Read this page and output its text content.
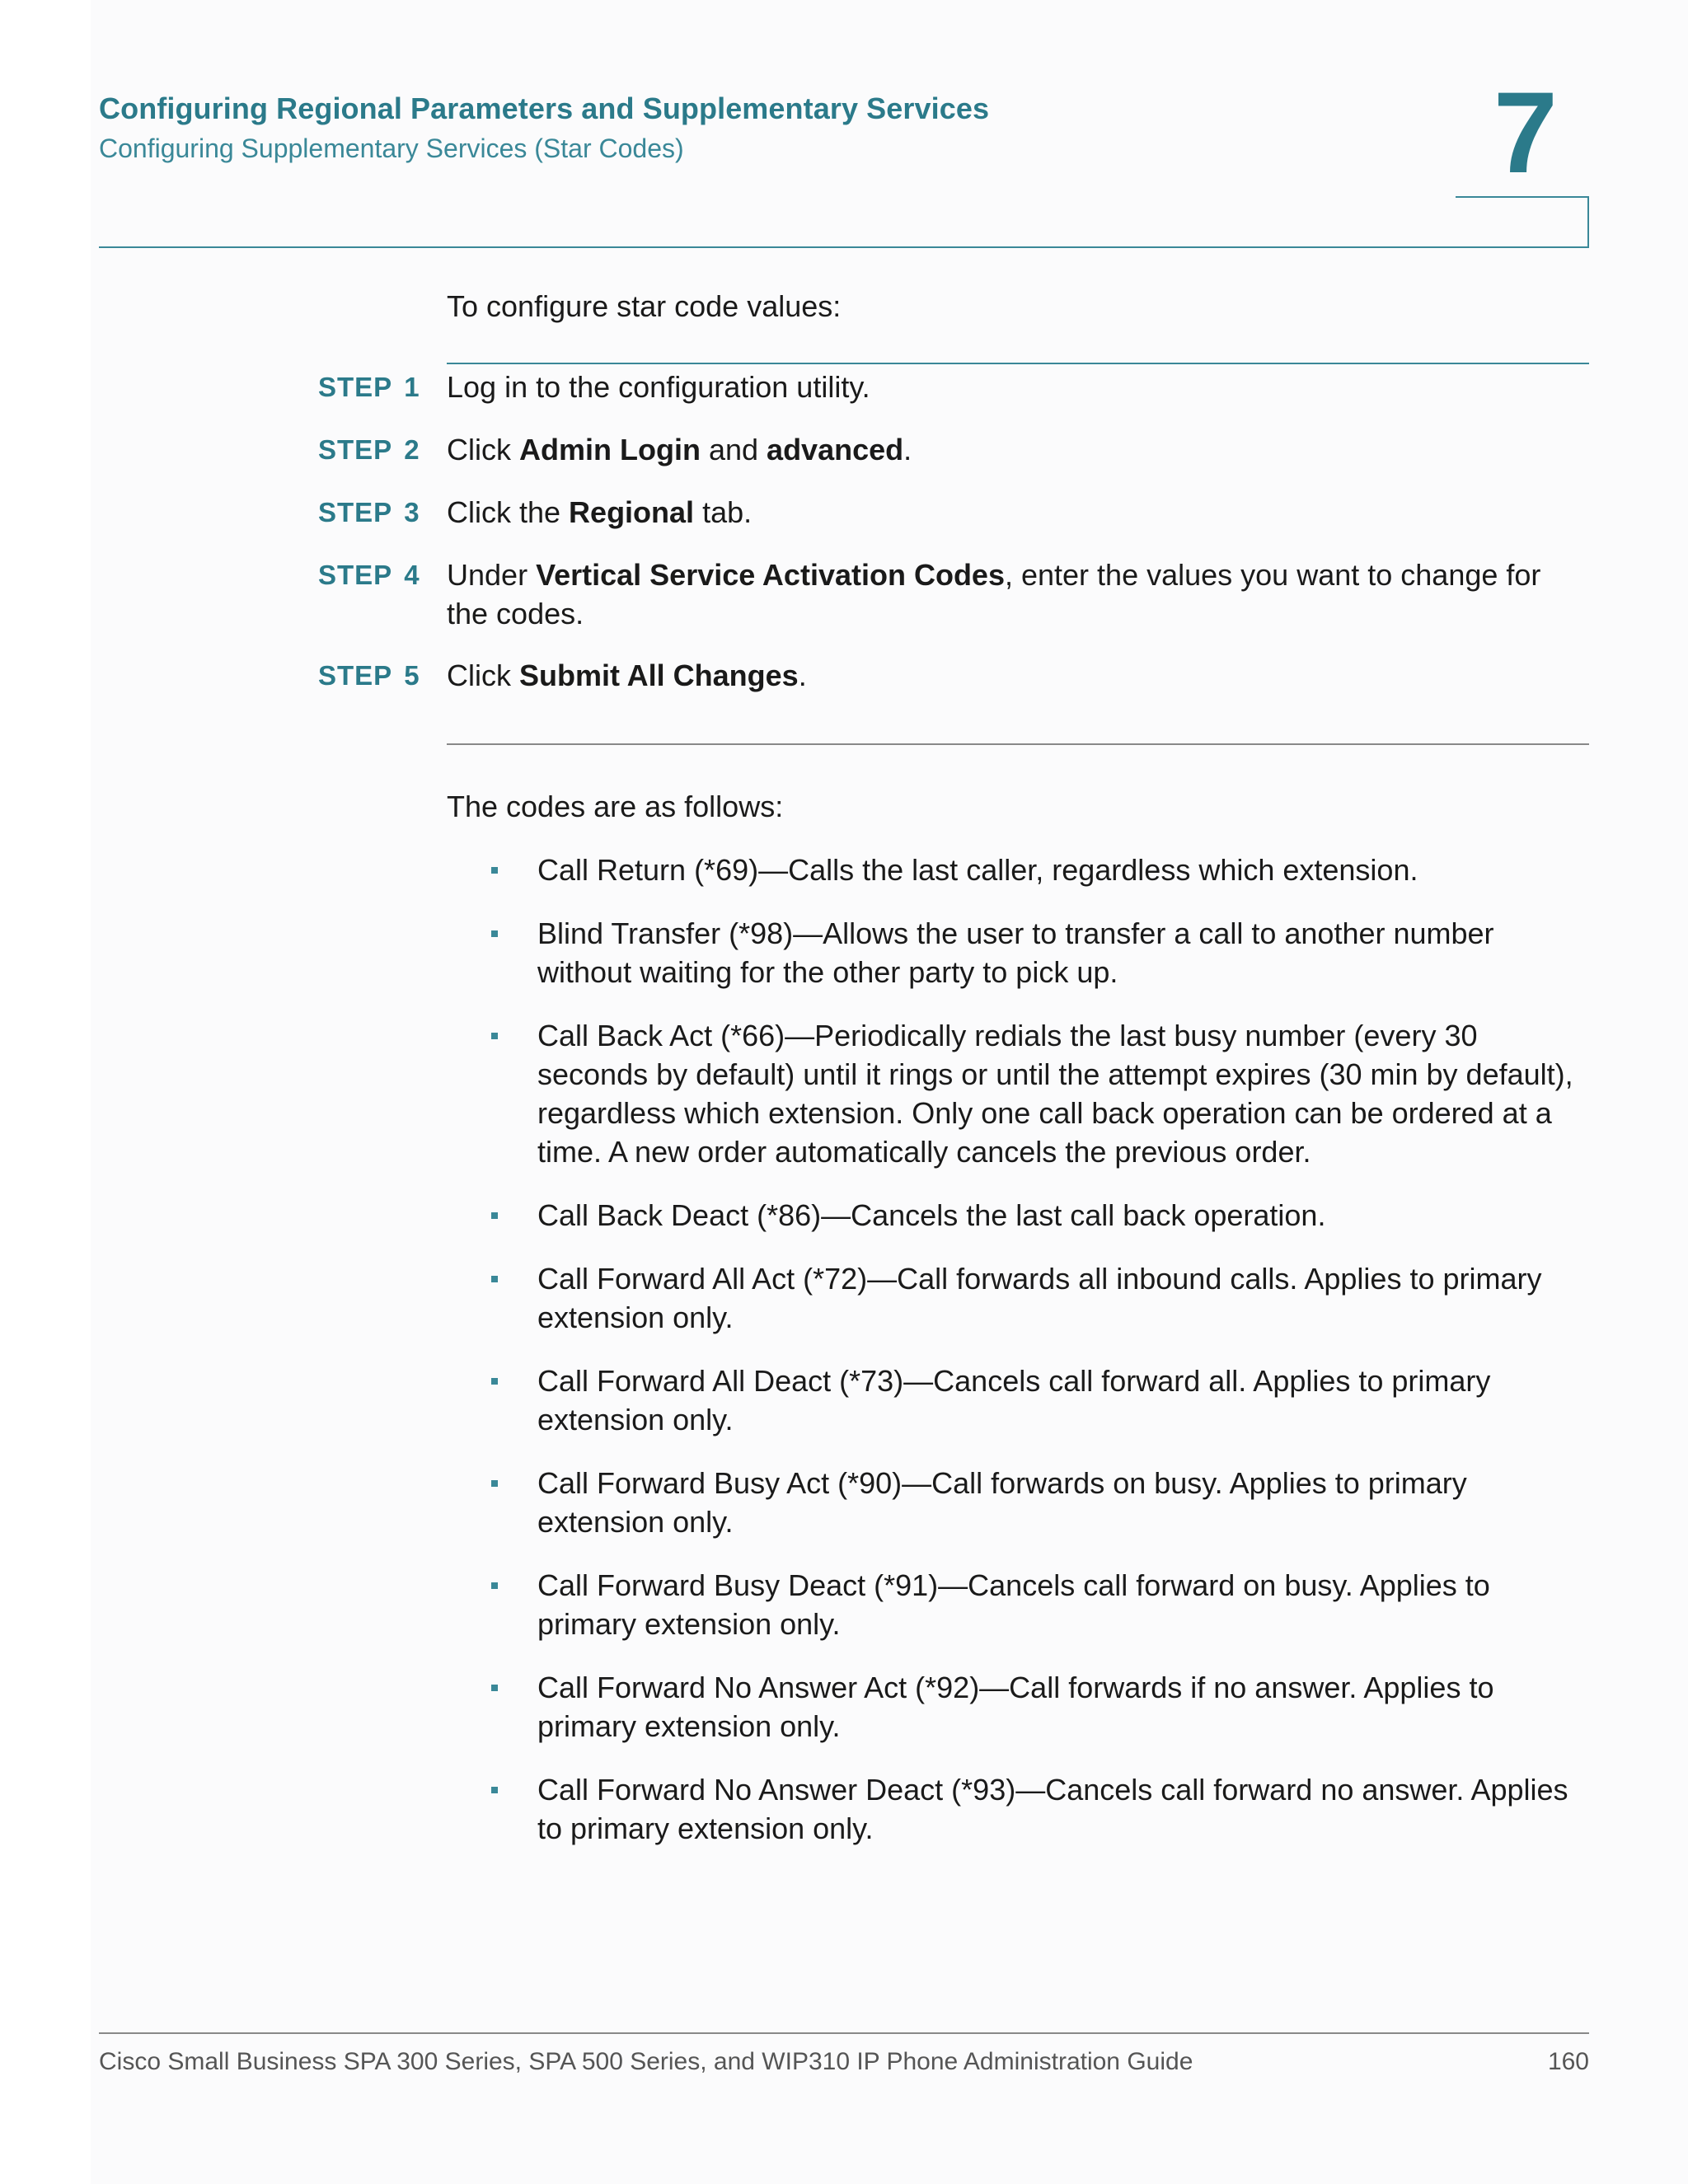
Configuring Regional Parameters and Supplementary Services
Configuring Supplementary Services (Star Codes)	7
To configure star code values:
STEP 1 Log in to the configuration utility.
STEP 2 Click Admin Login and advanced.
STEP 3 Click the Regional tab.
STEP 4 Under Vertical Service Activation Codes, enter the values you want to change for the codes.
STEP 5 Click Submit All Changes.
The codes are as follows:
Call Return (*69)—Calls the last caller, regardless which extension.
Blind Transfer (*98)—Allows the user to transfer a call to another number without waiting for the other party to pick up.
Call Back Act (*66)—Periodically redials the last busy number (every 30 seconds by default) until it rings or until the attempt expires (30 min by default), regardless which extension. Only one call back operation can be ordered at a time. A new order automatically cancels the previous order.
Call Back Deact (*86)—Cancels the last call back operation.
Call Forward All Act (*72)—Call forwards all inbound calls. Applies to primary extension only.
Call Forward All Deact (*73)—Cancels call forward all. Applies to primary extension only.
Call Forward Busy Act (*90)—Call forwards on busy. Applies to primary extension only.
Call Forward Busy Deact (*91)—Cancels call forward on busy. Applies to primary extension only.
Call Forward No Answer Act (*92)—Call forwards if no answer. Applies to primary extension only.
Call Forward No Answer Deact (*93)—Cancels call forward no answer. Applies to primary extension only.
Cisco Small Business SPA 300 Series, SPA 500 Series, and WIP310 IP Phone Administration Guide	160
